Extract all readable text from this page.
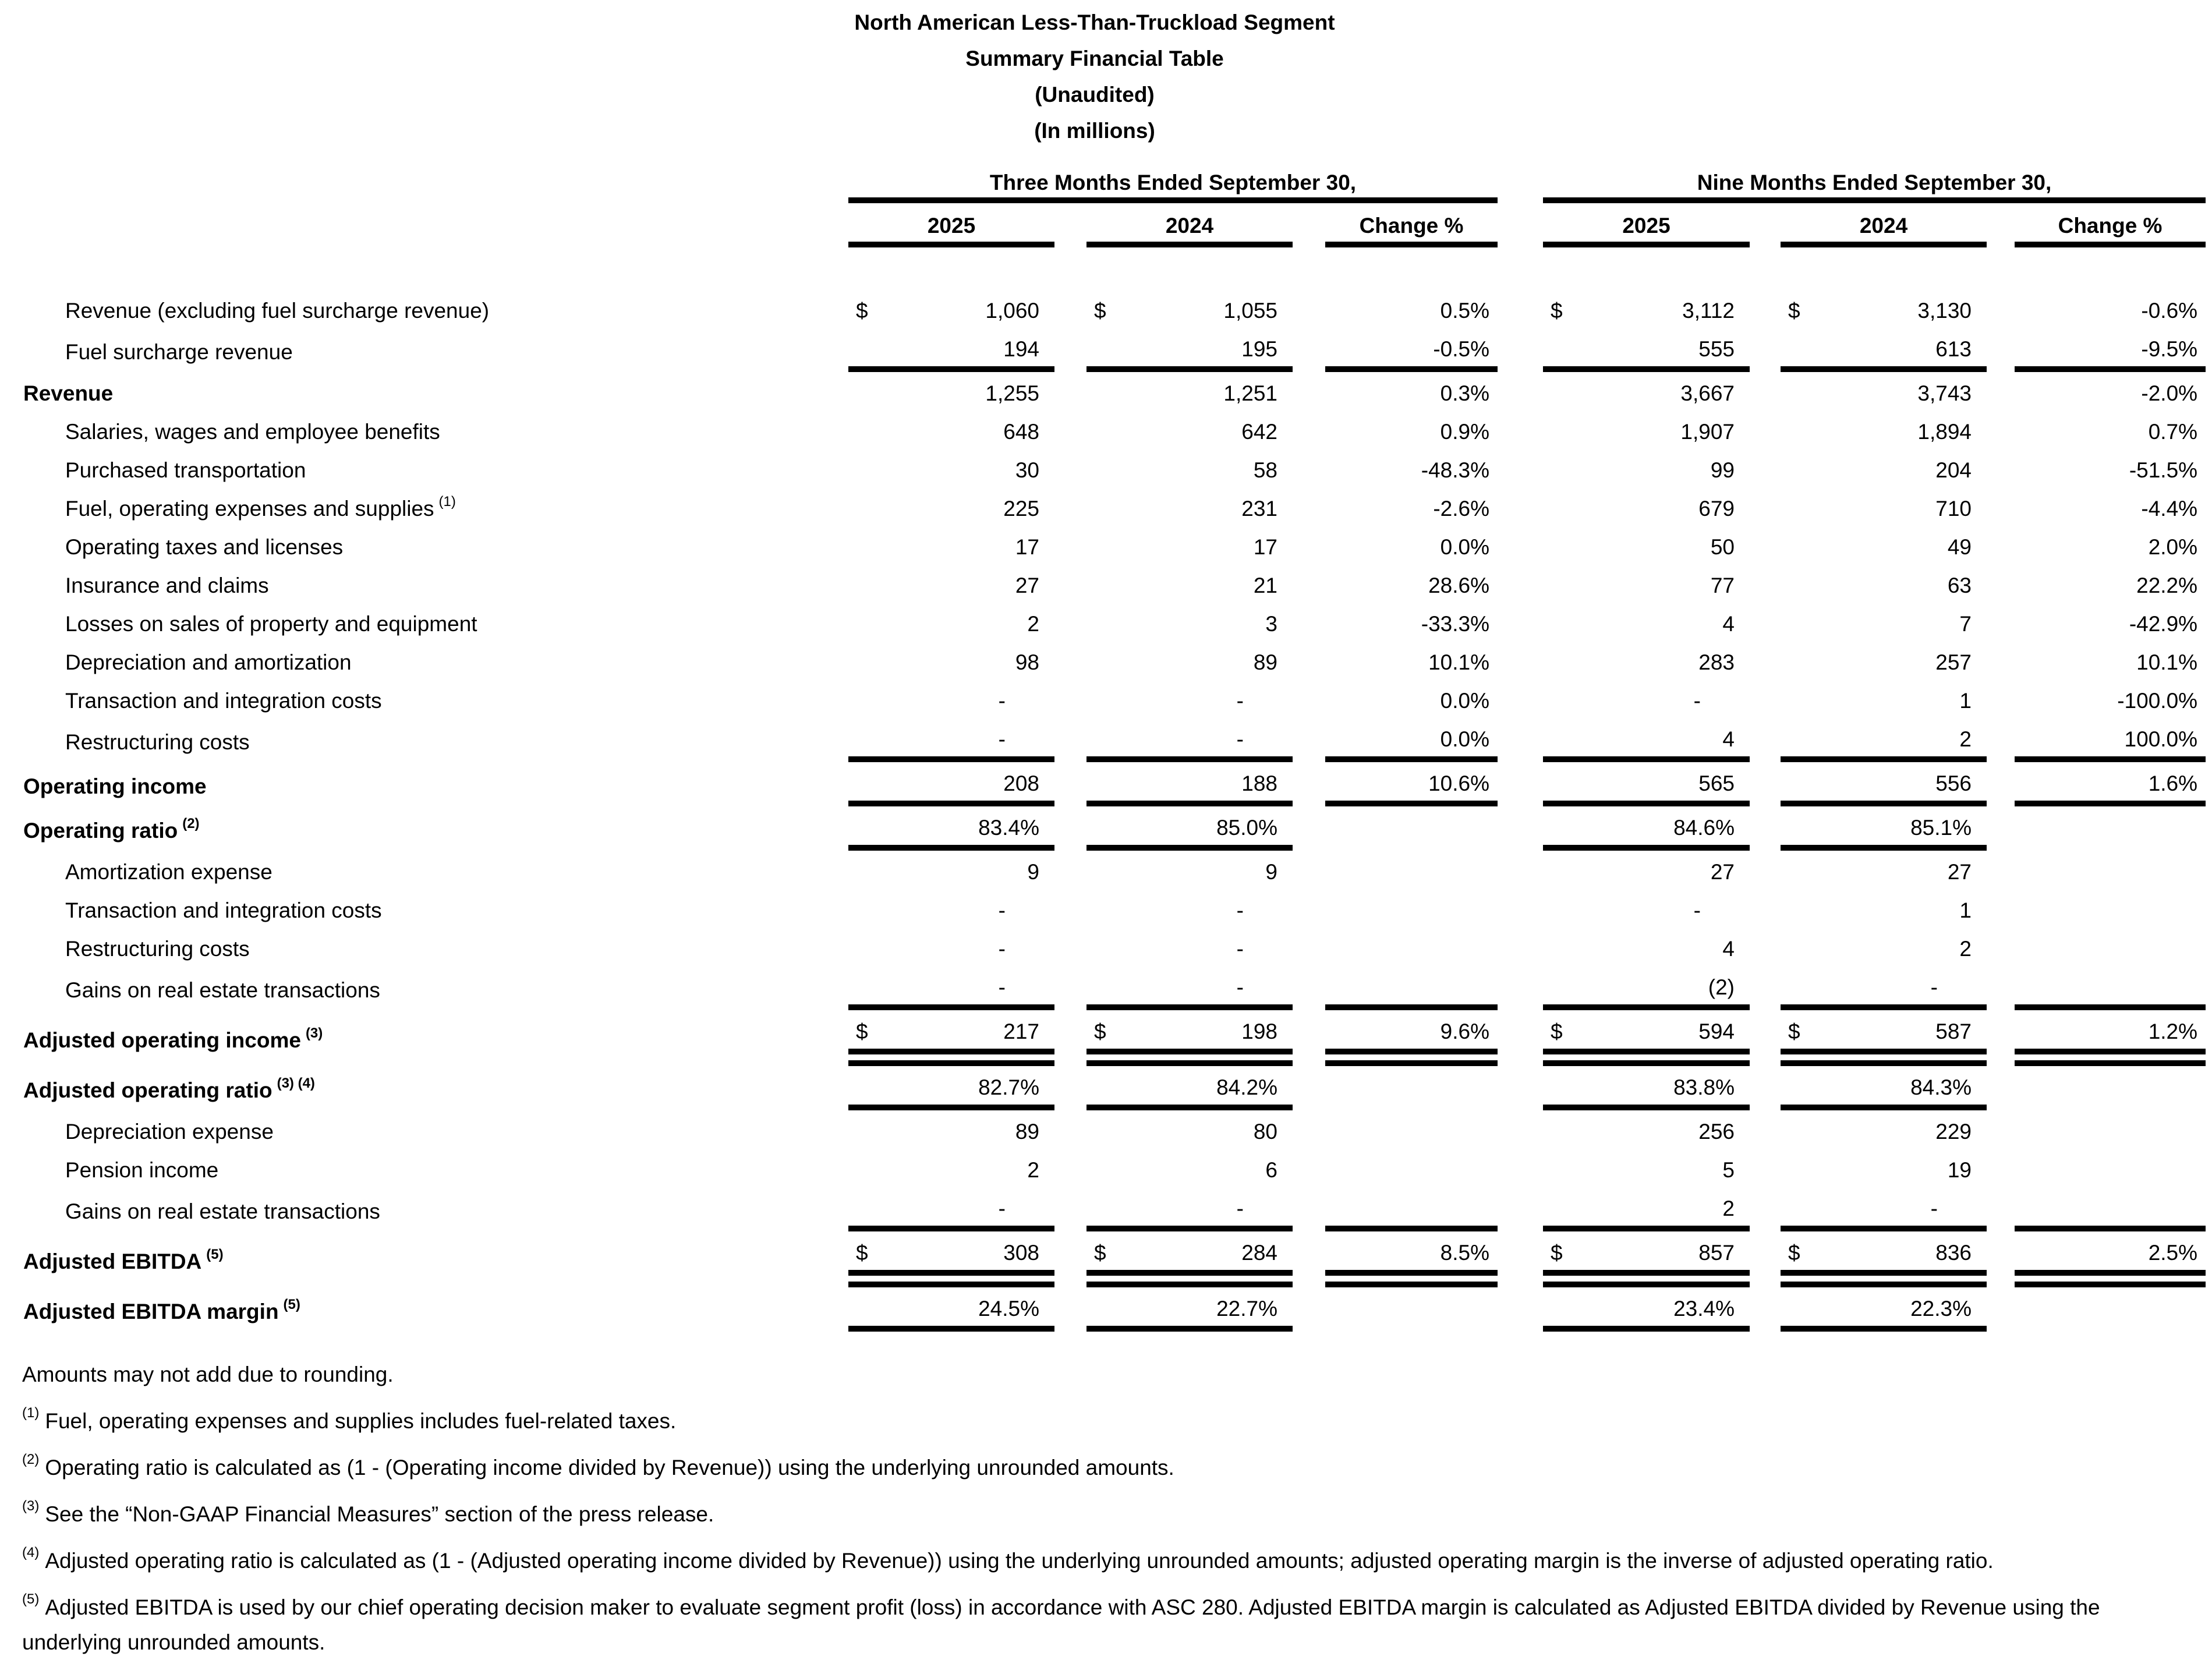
North American Less-Than-Truckload Segment
Summary Financial Table
(Unaudited)
(In millions)
	Three Months Ended September 30,						Nine Months Ended September 30,				
	2025		2024		Change %		2025		2024		Change %

Revenue (excluding fuel surcharge revenue)	$ 1,060		$ 1,055		0.5%		$ 3,112		$ 3,130		-0.6%

Fuel surcharge revenue	194		195		-0.5%		555		613		-9.5%

Revenue	1,255		1,251		0.3%		3,667		3,743		-2.0%

Salaries, wages and employee benefits	648		642		0.9%		1,907		1,894		0.7%

Purchased transportation	30		58		-48.3%		99		204		-51.5%

Fuel, operating expenses and supplies $^{(1)}$	225		231		-2.6%		679		710		-4.4%

Operating taxes and licenses	17		17		0.0%		50		49		2.0%

Insurance and claims	27		21		28.6%		77		63		22.2%

Losses on sales of property and equipment	2		3		-33.3%		4		7		-42.9%

Depreciation and amortization	98		89		10.1%		283		257		10.1%

Transaction and integration costs	-		-		0.0%		-		1		-100.0%

Restructuring costs	-		-		0.0%		4		2		100.0%

Operating income	208		188		10.6%		565		556		1.6%

Operating ratio $^{(2)}$	83.4%		85.0%				84.6%		85.1%		

Amortization expense	9		9				27		27		

Transaction and integration costs	-		-				-		1		

Restructuring costs	-		-				4		2		

Gains on real estate transactions	-		-				(2)		-		

Adjusted operating income $^{(3)}$	$ 217		$ 198		9.6%		$ 594		$ 587		1.2%

Adjusted operating ratio $^{(3) (4)}$	82.7%		84.2%				83.8%		84.3%		

Depreciation expense	89		80				256		229		

Pension income	2		6				5		19		

Gains on real estate transactions	-		-				2		-		

Adjusted EBITDA $^{(5)}$	$ 308		$ 284		8.5%		$ 857		$ 836		2.5%

Adjusted EBITDA margin $^{(5)}$	24.5%		22.7%				23.4%		22.3%		

Amounts may not add due to rounding.
$^{(1)}$ Fuel, operating expenses and supplies includes fuel-related taxes.
$^{(2)}$ Operating ratio is calculated as (1 - (Operating income divided by Revenue)) using the underlying unrounded amounts.
$^{(3)}$ See the “Non-GAAP Financial Measures” section of the press release.
$^{(4)}$ Adjusted operating ratio is calculated as (1 - (Adjusted operating income divided by Revenue)) using the underlying unrounded amounts; adjusted operating margin is the inverse of adjusted operating ratio.
$^{(5)}$ Adjusted EBITDA is used by our chief operating decision maker to evaluate segment profit (loss) in accordance with ASC 280. Adjusted EBITDA margin is calculated as Adjusted EBITDA divided by Revenue using the underlying unrounded amounts.
